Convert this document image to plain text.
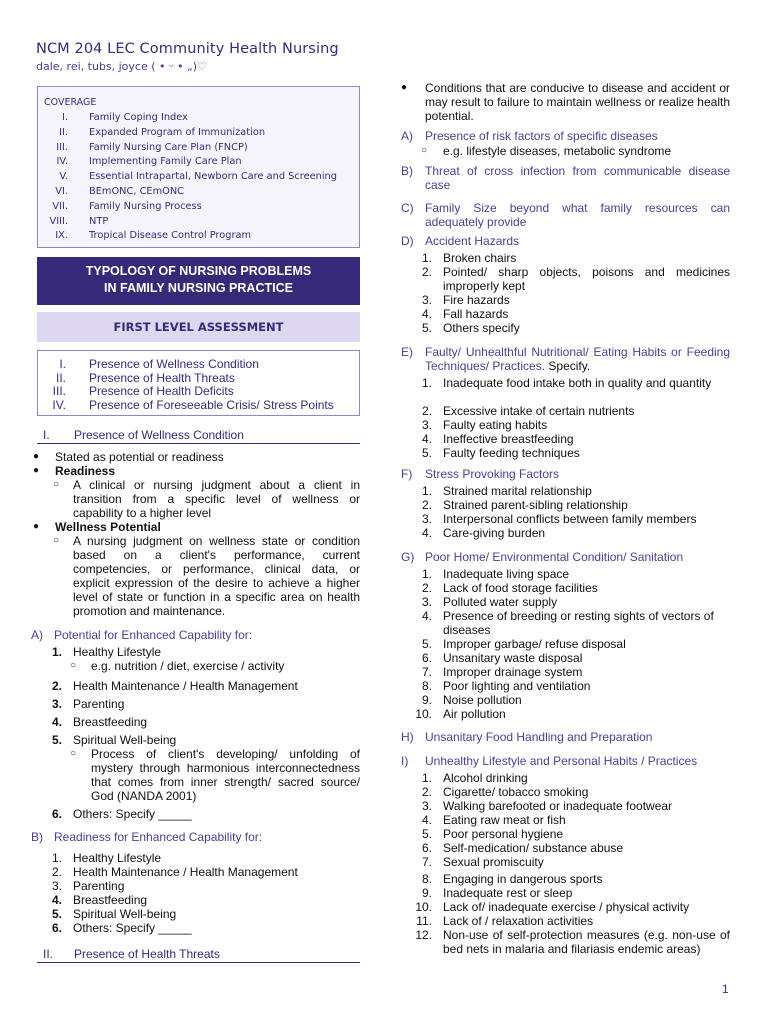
NCM 204 LEC Community Health Nursing
dale, rei, tubs, joyce ( • ᵕ • „)♡
COVERAGE
I. Family Coping Index
II. Expanded Program of Immunization
III. Family Nursing Care Plan (FNCP)
IV. Implementing Family Care Plan
V. Essential Intrapartal, Newborn Care and Screening
VI. BEmONC, CEmONC
VII. Family Nursing Process
VIII. NTP
IX. Tropical Disease Control Program
TYPOLOGY OF NURSING PROBLEMS
IN FAMILY NURSING PRACTICE
FIRST LEVEL ASSESSMENT
I. Presence of Wellness Condition
II. Presence of Health Threats
III. Presence of Health Deficits
IV. Presence of Foreseeable Crisis/ Stress Points
I. Presence of Wellness Condition
● Stated as potential or readiness
● Readiness
○ A clinical or nursing judgment about a client in transition from a specific level of wellness or capability to a higher level
● Wellness Potential
○ A nursing judgment on wellness state or condition based on a client's performance, current competencies, or performance, clinical data, or explicit expression of the desire to achieve a higher level of state or function in a specific area on health promotion and maintenance.
A) Potential for Enhanced Capability for:
1. Healthy Lifestyle
○ e.g. nutrition / diet, exercise / activity
2. Health Maintenance / Health Management
3. Parenting
4. Breastfeeding
5. Spiritual Well-being
○ Process of client's developing/ unfolding of mystery through harmonious interconnectedness that comes from inner strength/ sacred source/ God (NANDA 2001)
6. Others: Specify _____
B) Readiness for Enhanced Capability for:
1. Healthy Lifestyle
2. Health Maintenance / Health Management
3. Parenting
4. Breastfeeding
5. Spiritual Well-being
6. Others: Specify _____
II. Presence of Health Threats
● Conditions that are conducive to disease and accident or may result to failure to maintain wellness or realize health potential.
A) Presence of risk factors of specific diseases
○ e.g. lifestyle diseases, metabolic syndrome
B) Threat of cross infection from communicable disease case
C) Family Size beyond what family resources can adequately provide
D) Accident Hazards
1. Broken chairs
2. Pointed/ sharp objects, poisons and medicines improperly kept
3. Fire hazards
4. Fall hazards
5. Others specify
E) Faulty/ Unhealthful Nutritional/ Eating Habits or Feeding Techniques/ Practices. Specify.
1. Inadequate food intake both in quality and quantity
2. Excessive intake of certain nutrients
3. Faulty eating habits
4. Ineffective breastfeeding
5. Faulty feeding techniques
F) Stress Provoking Factors
1. Strained marital relationship
2. Strained parent-sibling relationship
3. Interpersonal conflicts between family members
4. Care-giving burden
G) Poor Home/ Environmental Condition/ Sanitation
1. Inadequate living space
2. Lack of food storage facilities
3. Polluted water supply
4. Presence of breeding or resting sights of vectors of diseases
5. Improper garbage/ refuse disposal
6. Unsanitary waste disposal
7. Improper drainage system
8. Poor lighting and ventilation
9. Noise pollution
10. Air pollution
H) Unsanitary Food Handling and Preparation
I) Unhealthy Lifestyle and Personal Habits / Practices
1. Alcohol drinking
2. Cigarette/ tobacco smoking
3. Walking barefooted or inadequate footwear
4. Eating raw meat or fish
5. Poor personal hygiene
6. Self-medication/ substance abuse
7. Sexual promiscuity
8. Engaging in dangerous sports
9. Inadequate rest or sleep
10. Lack of/ inadequate exercise / physical activity
11. Lack of / relaxation activities
12. Non-use of self-protection measures (e.g. non-use of bed nets in malaria and filariasis endemic areas)
1
